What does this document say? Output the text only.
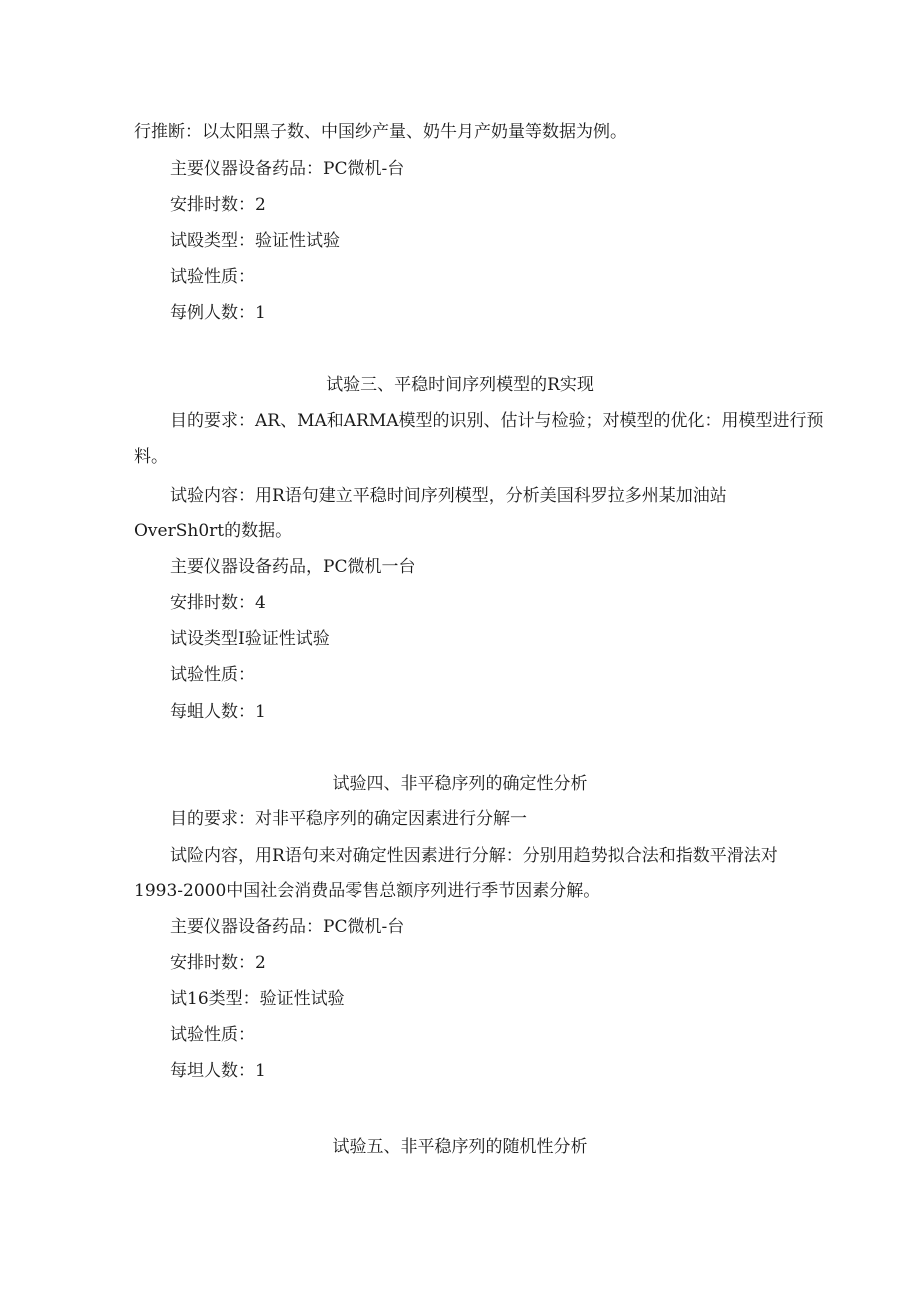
行推断：以太阳黑子数、中国纱产量、奶牛月产奶量等数据为例。
主要仪器设备药品：PC微机-台
安排时数：2
试殴类型：验证性试验
试验性质：
每例人数：1
试验三、平稳时间序列模型的R实现
目的要求：AR、MA和ARMA模型的识别、估计与检验；对模型的优化：用模型进行预
料。
试验内容：用R语句建立平稳时间序列模型，分析美国科罗拉多州某加油站
OverSh0rt的数据。
主要仪器设备药品，PC微机一台
安排时数：4
试设类型I验证性试验
试验性质：
每蛆人数：1
试验四、非平稳序列的确定性分析
目的要求：对非平稳序列的确定因素进行分解一
试险内容，用R语句来对确定性因素进行分解：分别用趋势拟合法和指数平滑法对
1993-2000中国社会消费品零售总额序列进行季节因素分解。
主要仪器设备药品：PC微机-台
安排时数：2
试16类型：验证性试验
试验性质：
每坦人数：1
试验五、非平稳序列的随机性分析
